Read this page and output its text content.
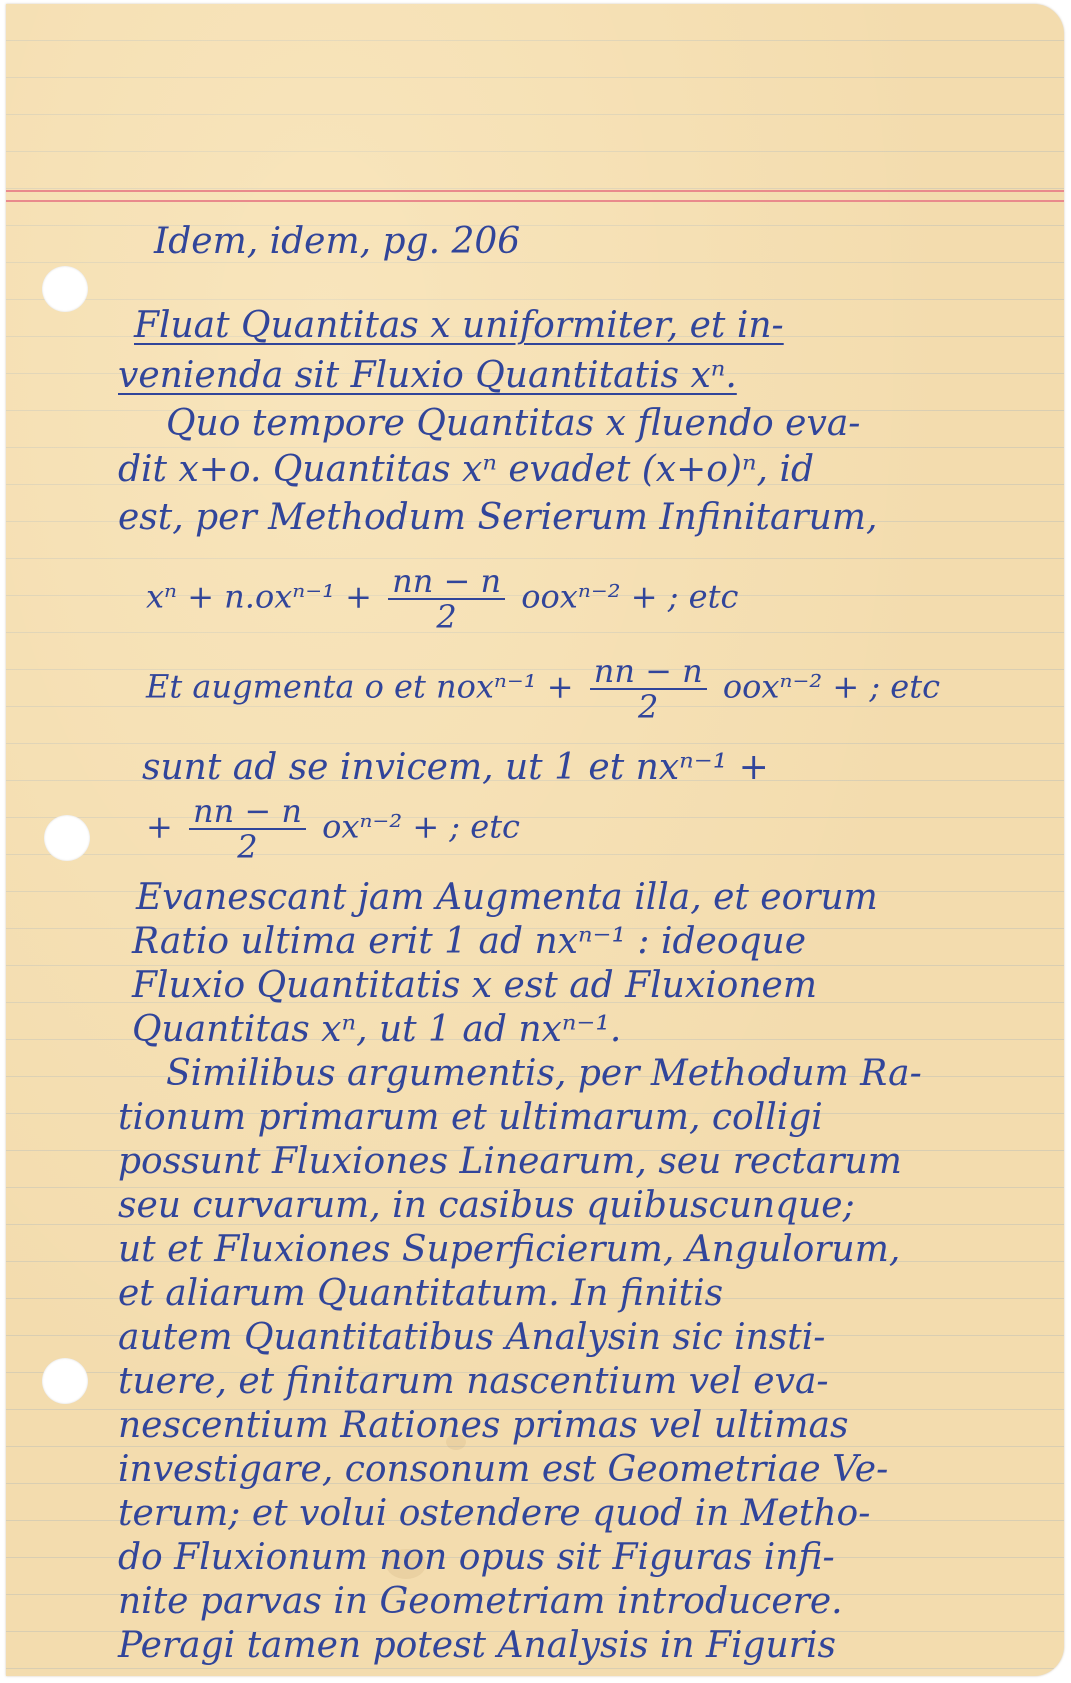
Idem, idem, pg. 206
Fluat Quantitas x uniformiter, et in-
venienda sit Fluxio Quantitatis xⁿ.
Quo tempore Quantitas x fluendo eva-
dit x+o. Quantitas xⁿ evadet (x+o)ⁿ, id
est, per Methodum Serierum Infinitarum,
$x^n + n.ox^{n-1} + \frac{nn - n}{2} oox^{n-2}$ + ; etc
Et augmenta o et $nox^{n-1} + \frac{nn - n}{2} oox^{n-2}$ + ; etc
sunt ad se invicem, ut 1 et nxⁿ⁻¹ +
+ $\frac{nn - n}{2} ox^{n-2}$ + ; etc
Evanescant jam Augmenta illa, et eorum
Ratio ultima erit 1 ad nxⁿ⁻¹ : ideoque
Fluxio Quantitatis x est ad Fluxionem
Quantitas xⁿ, ut 1 ad nxⁿ⁻¹.
Similibus argumentis, per Methodum Ra-
tionum primarum et ultimarum, colligi
possunt Fluxiones Linearum, seu rectarum
seu curvarum, in casibus quibuscunque;
ut et Fluxiones Superficierum, Angulorum,
et aliarum Quantitatum. In finitis
autem Quantitatibus Analysin sic insti-
tuere, et finitarum nascentium vel eva-
nescentium Rationes primas vel ultimas
investigare, consonum est Geometriae Ve-
terum; et volui ostendere quod in Metho-
do Fluxionum non opus sit Figuras infi-
nite parvas in Geometriam introducere.
Peragi tamen potest Analysis in Figuris
